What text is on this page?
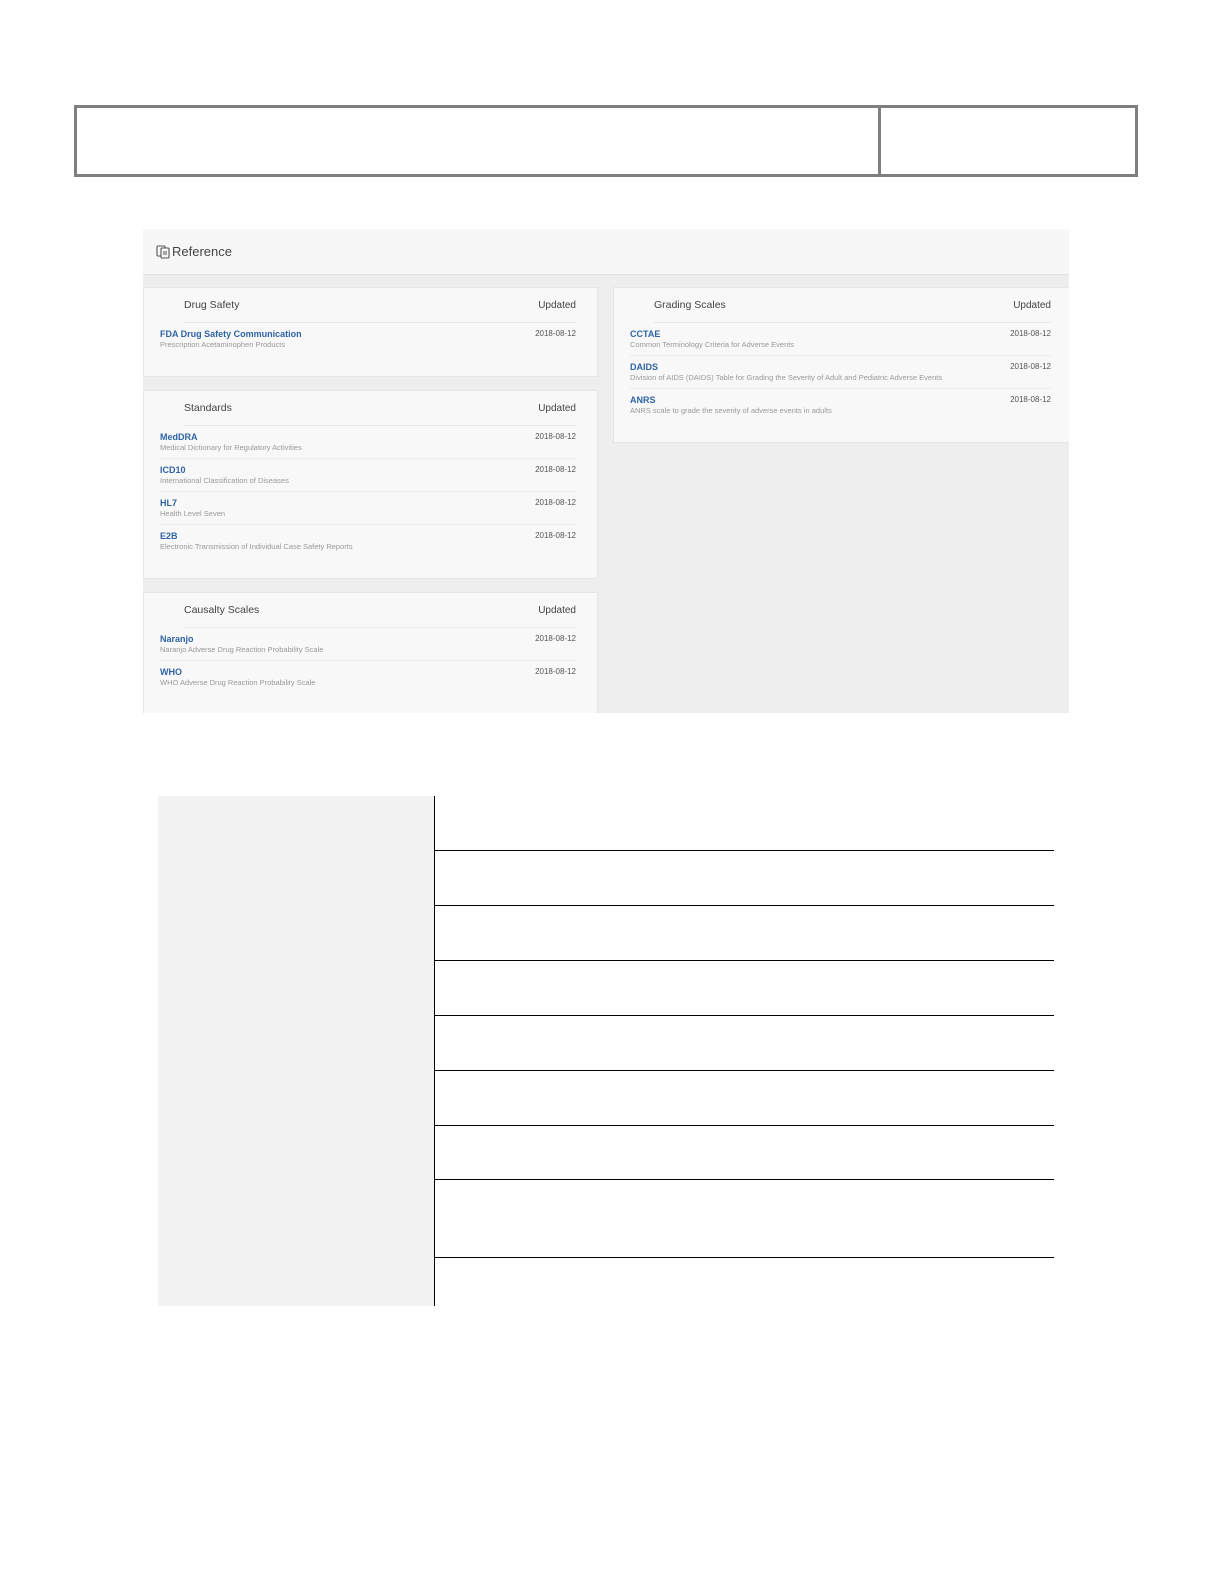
Reference
Drug Safety	Updated
FDA Drug Safety Communication
Prescription Acetaminophen Products
2018-08-12
Standards	Updated
MedDRA
Medical Dictionary for Regulatory Activities
2018-08-12
ICD10
International Classification of Diseases
2018-08-12
HL7
Health Level Seven
2018-08-12
E2B
Electronic Transmission of Individual Case Safety Reports
2018-08-12
Causalty Scales	Updated
Naranjo
Naranjo Adverse Drug Reaction Probability Scale
2018-08-12
WHO
WHO Adverse Drug Reaction Probability Scale
2018-08-12
Grading Scales	Updated
CCTAE
Common Terminology Criteria for Adverse Events
2018-08-12
DAIDS
Division of AIDS (DAIDS) Table for Grading the Severity of Adult and Pediatric Adverse Events
2018-08-12
ANRS
ANRS scale to grade the severity of adverse events in adults
2018-08-12
